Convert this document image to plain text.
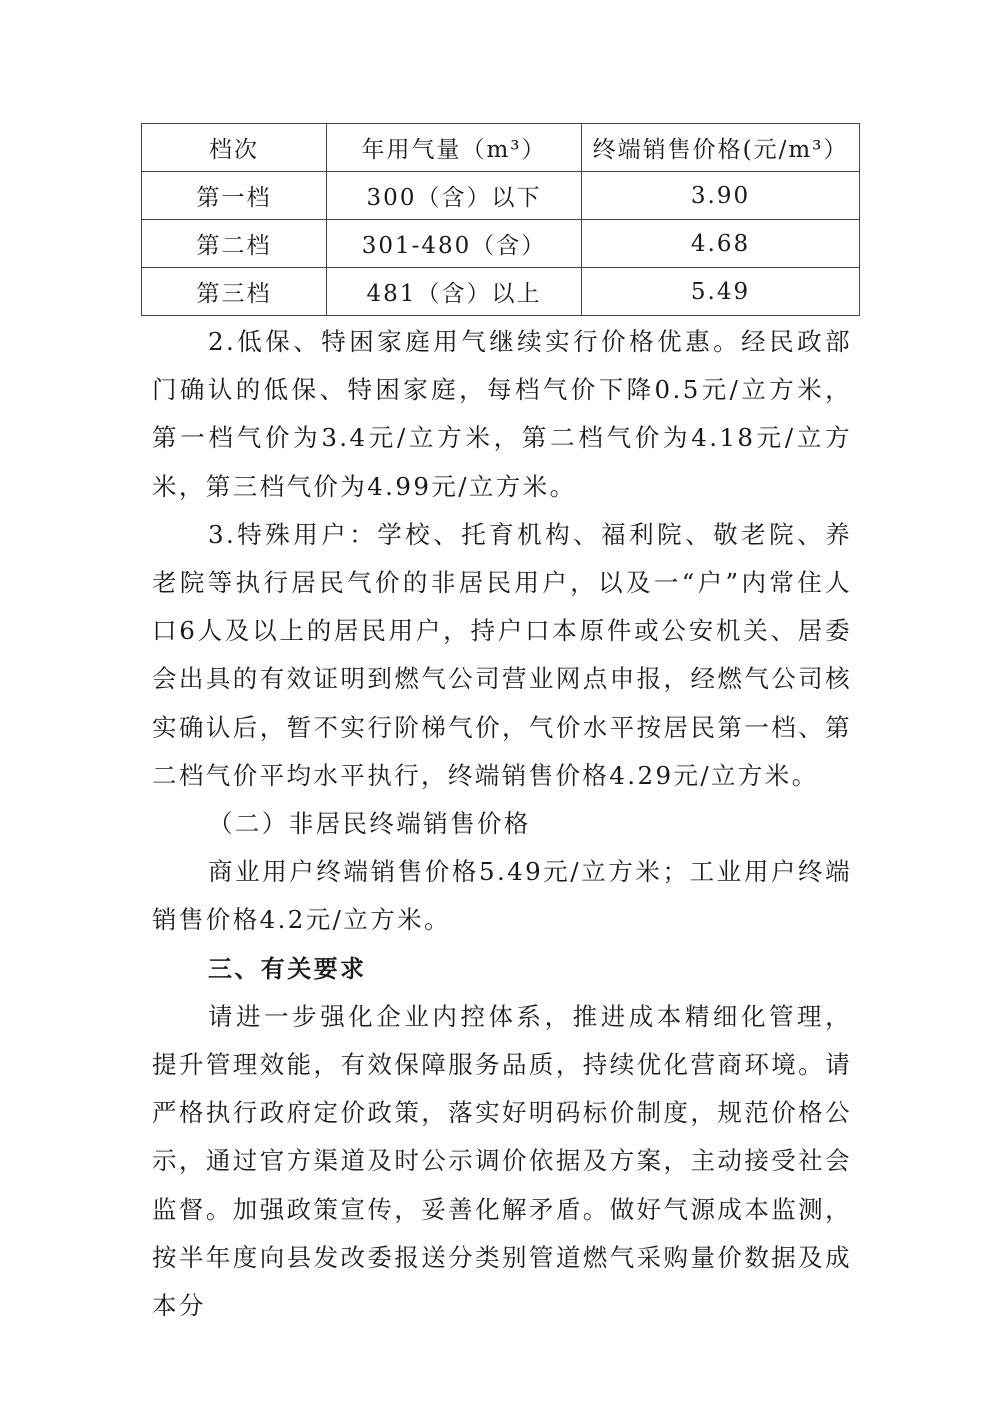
档次	年用气量（m³）	终端销售价格(元/m³）
第一档	300（含）以下	3.90
第二档	301-480（含）	4.68
第三档	481（含）以上	5.49

2.低保、特困家庭用气继续实行价格优惠。经民政部门确认的低保、特困家庭，每档气价下降0.5元/立方米，第一档气价为3.4元/立方米，第二档气价为4.18元/立方米，第三档气价为4.99元/立方米。

3.特殊用户：学校、托育机构、福利院、敬老院、养老院等执行居民气价的非居民用户，以及一“户”内常住人口6人及以上的居民用户，持户口本原件或公安机关、居委会出具的有效证明到燃气公司营业网点申报，经燃气公司核实确认后，暂不实行阶梯气价，气价水平按居民第一档、第二档气价平均水平执行，终端销售价格4.29元/立方米。

（二）非居民终端销售价格

商业用户终端销售价格5.49元/立方米；工业用户终端销售价格4.2元/立方米。

三、有关要求

请进一步强化企业内控体系，推进成本精细化管理，提升管理效能，有效保障服务品质，持续优化营商环境。请严格执行政府定价政策，落实好明码标价制度，规范价格公示，通过官方渠道及时公示调价依据及方案，主动接受社会监督。加强政策宣传，妥善化解矛盾。做好气源成本监测，按半年度向县发改委报送分类别管道燃气采购量价数据及成本分
